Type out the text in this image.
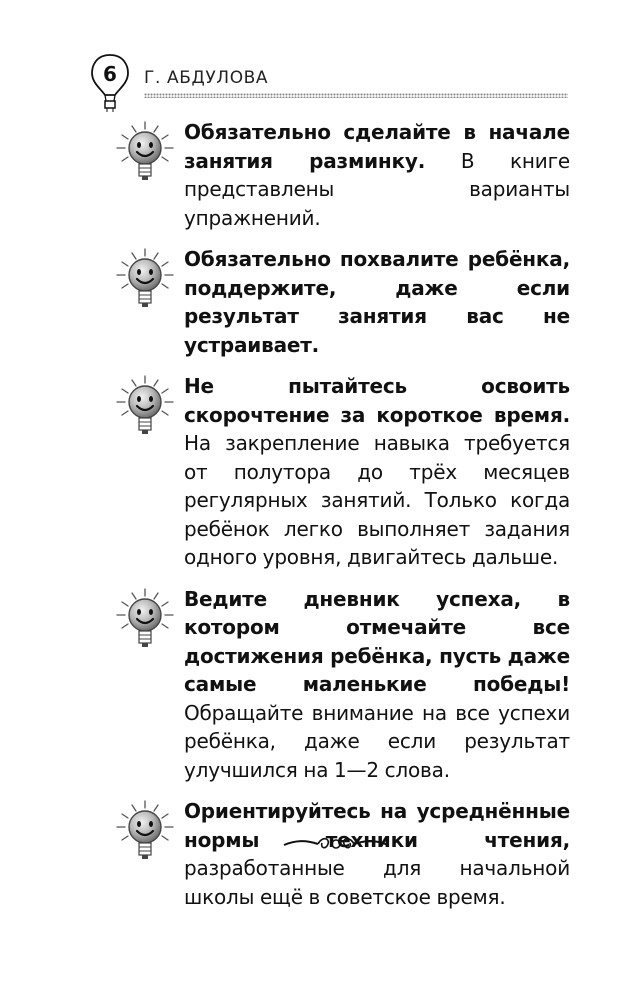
6	Г. АБДУЛОВА
Обязательно сделайте в начале занятия разминку. В книге представлены варианты упражнений.
Обязательно похвалите ребёнка, поддержите, даже если результат занятия вас не устраивает.
Не пытайтесь освоить скорочтение за короткое время. На закрепление навыка требуется от полутора до трёх месяцев регулярных занятий. Только когда ребёнок легко выполняет задания одного уровня, двигайтесь дальше.
Ведите дневник успеха, в котором отмечайте все достижения ребёнка, пусть даже самые маленькие победы! Обращайте внимание на все успехи ребёнка, даже если результат улучшился на 1—2 слова.
Ориентируйтесь на усреднённые нормы техники чтения, разработанные для начальной школы ещё в советское время.
